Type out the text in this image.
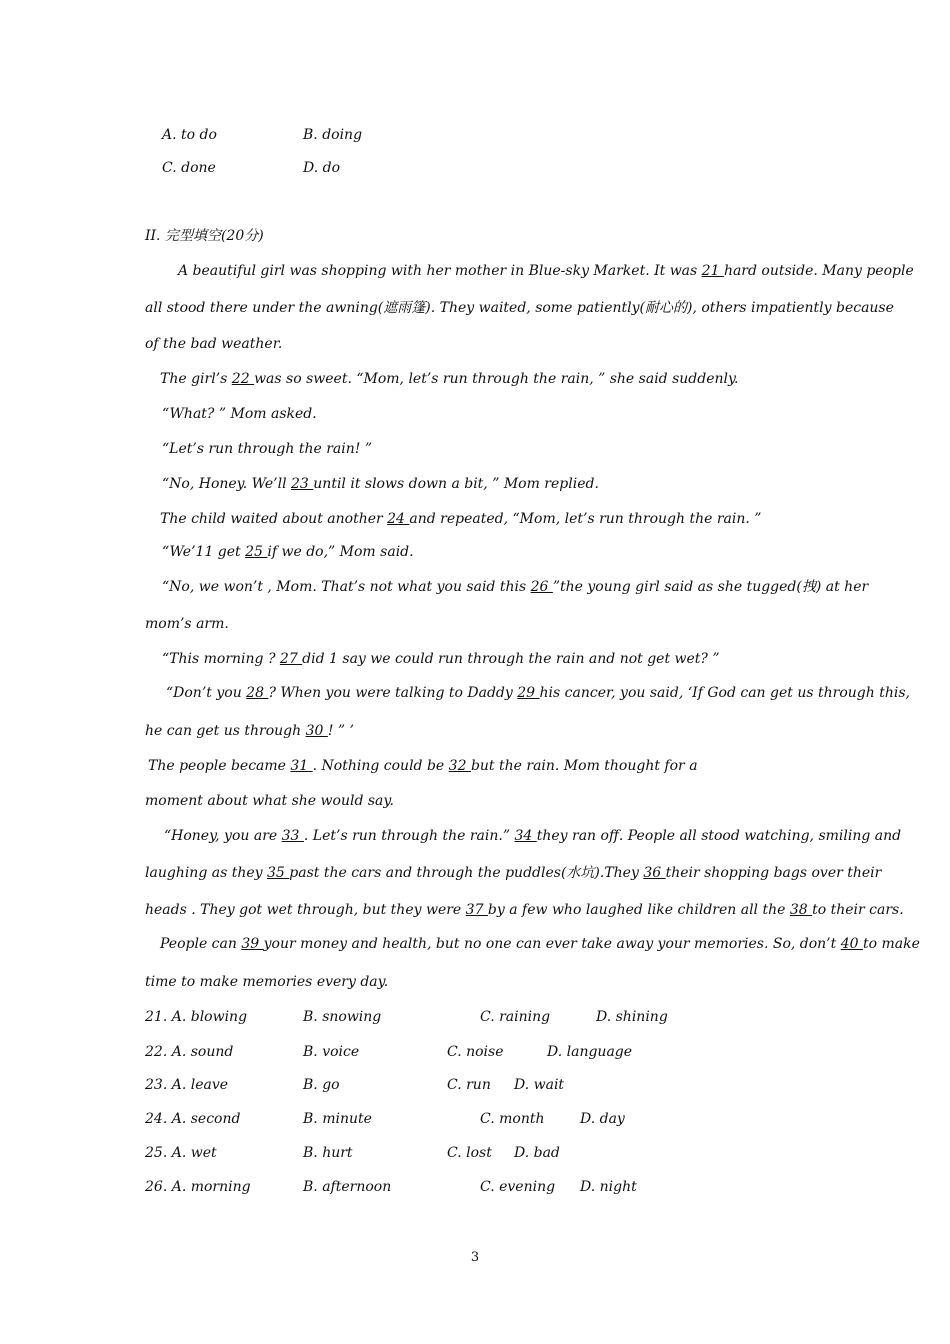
A. to do	B. doing
C. done	D. do
II. 完型填空(20分)
A beautiful girl was shopping with her mother in Blue-sky Market. It was 21 hard outside. Many people
all stood there under the awning(遮雨篷). They waited, some patiently(耐心的), others impatiently because
of the bad weather.
The girl’s 22 was so sweet. “Mom, let’s run through the rain, ” she said suddenly.
“What? ” Mom asked.
“Let’s run through the rain! ”
“No, Honey. We’ll 23 until it slows down a bit, ” Mom replied.
The child waited about another 24 and repeated, “Mom, let’s run through the rain. ”
“We’11 get 25 if we do,” Mom said.
“No, we won’t , Mom. That’s not what you said this 26 ”the young girl said as she tugged(拽) at her
mom’s arm.
“This morning ? 27 did 1 say we could run through the rain and not get wet? ”
“Don’t you 28 ? When you were talking to Daddy 29 his cancer, you said, ‘If God can get us through this,
he can get us through 30 ! ” ’
The people became 31 . Nothing could be 32 but the rain. Mom thought for a
moment about what she would say.
“Honey, you are 33 . Let’s run through the rain.” 34 they ran off. People all stood watching, smiling and
laughing as they 35 past the cars and through the puddles(水坑).They 36 their shopping bags over their
heads . They got wet through, but they were 37 by a few who laughed like children all the 38 to their cars.
People can 39 your money and health, but no one can ever take away your memories. So, don’t 40 to make
time to make memories every day.
21. A. blowing	B. snowing	C. raining	D. shining
22. A. sound	B. voice	C. noise	D. language
23. A. leave	B. go	C. run D. wait
24. A. second	B. minute	C. month	D. day
25. A. wet	B. hurt	C. lost D. bad
26. A. morning	B. afternoon	C. evening D. night
3
